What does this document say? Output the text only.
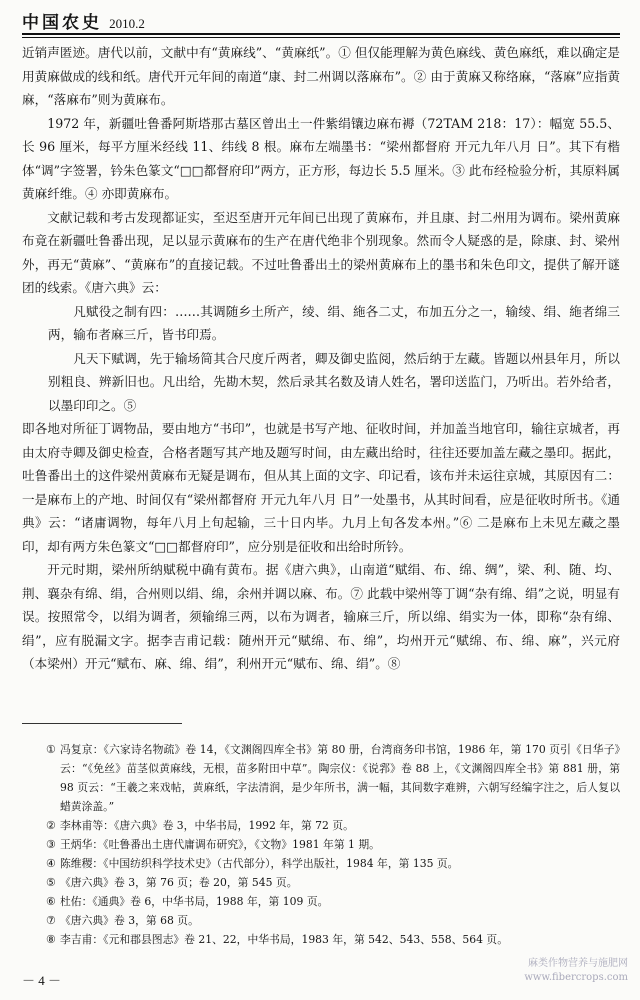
中国农史 2010.2

近销声匿迹。唐代以前，文献中有“黄麻线”、“黄麻纸”。① 但仅能理解为黄色麻线、黄色麻纸，难以确定是用黄麻做成的线和纸。唐代开元年间的南道“康、封二州调以落麻布”。② 由于黄麻又称络麻，“落麻”应指黄麻，“落麻布”则为黄麻布。

1972 年，新疆吐鲁番阿斯塔那古墓区曾出土一件紫绢镶边麻布褥（72TAM 218：17）：幅宽 55.5、长 96 厘米，每平方厘米经线 11、纬线 8 根。麻布左端墨书：“梁州都督府 开元九年八月 日”。其下有楷体“调”字签署，钤朱色篆文“□□都督府印”两方，正方形，每边长 5.5 厘米。③ 此布经检验分析，其原料属黄麻纤维。④ 亦即黄麻布。

文献记载和考古发现都证实，至迟至唐开元年间已出现了黄麻布，并且康、封二州用为调布。梁州黄麻布竟在新疆吐鲁番出现，足以显示黄麻布的生产在唐代绝非个别现象。然而令人疑惑的是，除康、封、梁州外，再无“黄麻”、“黄麻布”的直接记载。不过吐鲁番出土的梁州黄麻布上的墨书和朱色印文，提供了解开谜团的线索。《唐六典》云：

凡赋役之制有四：……其调随乡土所产，绫、绢、絁各二丈，布加五分之一，输绫、绢、絁者绵三两，输布者麻三斤，皆书印焉。

凡天下赋调，先于输场简其合尺度斤两者，卿及御史监阅，然后纳于左藏。皆题以州县年月，所以别粗良、辨新旧也。凡出给，先勘木契，然后录其名数及请人姓名，署印送监门，乃听出。若外给者，以墨印印之。⑤

即各地对所征丁调物品，要由地方“书印”，也就是书写产地、征收时间，并加盖当地官印，输往京城者，再由太府寺卿及御史检查，合格者题写其产地及题写时间，由左藏出给时，往往还要加盖左藏之墨印。据此，吐鲁番出土的这件梁州黄麻布无疑是调布，但从其上面的文字、印记看，该布并未运往京城，其原因有二：一是麻布上的产地、时间仅有“梁州都督府 开元九年八月 日”一处墨书，从其时间看，应是征收时所书。《通典》云：“诸庸调物，每年八月上旬起输，三十日内毕。九月上旬各发本州。”⑥ 二是麻布上未见左藏之墨印，却有两方朱色篆文“□□都督府印”，应分别是征收和出给时所钤。

开元时期，梁州所纳赋税中确有黄布。据《唐六典》，山南道“赋绢、布、绵、绸”，梁、利、随、均、荆、襄杂有绵、绢，合州则以绢、绵，余州并调以麻、布。⑦ 此载中梁州等丁调“杂有绵、绢”之说，明显有误。按照常令，以绢为调者，须输绵三两，以布为调者，输麻三斤，所以绵、绢实为一体，即称“杂有绵、绢”，应有脱漏文字。据李吉甫记载：随州开元“赋绵、布、绵”，均州开元“赋绵、布、绵、麻”，兴元府（本梁州）开元“赋布、麻、绵、绢”，利州开元“赋布、绵、绢”。⑧

① 冯复京：《六家诗名物疏》卷 14，《文渊阁四库全书》第 80 册，台湾商务印书馆，1986 年，第 170 页引《日华子》云：“《免丝》苗茎似黄麻线，无根，苗多附田中草”。陶宗仪：《说郛》卷 88 上，《文渊阁四库全书》第 881 册，第 98 页云：“王羲之来戏帖，黄麻纸，字法清润，是少年所书，满一幅，其间数字难辨，六朝写经编字注之，后人复以蜡黄涂盖。”

② 李林甫等：《唐六典》卷 3，中华书局，1992 年，第 72 页。

③ 王炳华：《吐鲁番出土唐代庸调布研究》，《文物》1981 年第 1 期。

④ 陈维稷：《中国纺织科学技术史》（古代部分），科学出版社，1984 年，第 135 页。

⑤ 《唐六典》卷 3，第 76 页；卷 20，第 545 页。

⑥ 杜佑：《通典》卷 6，中华书局，1988 年，第 109 页。

⑦ 《唐六典》卷 3，第 68 页。

⑧ 李吉甫：《元和郡县图志》卷 21、22，中华书局，1983 年，第 542、543、558、564 页。

－ 4 －
麻类作物营养与施肥网
www.fibercrops.com
